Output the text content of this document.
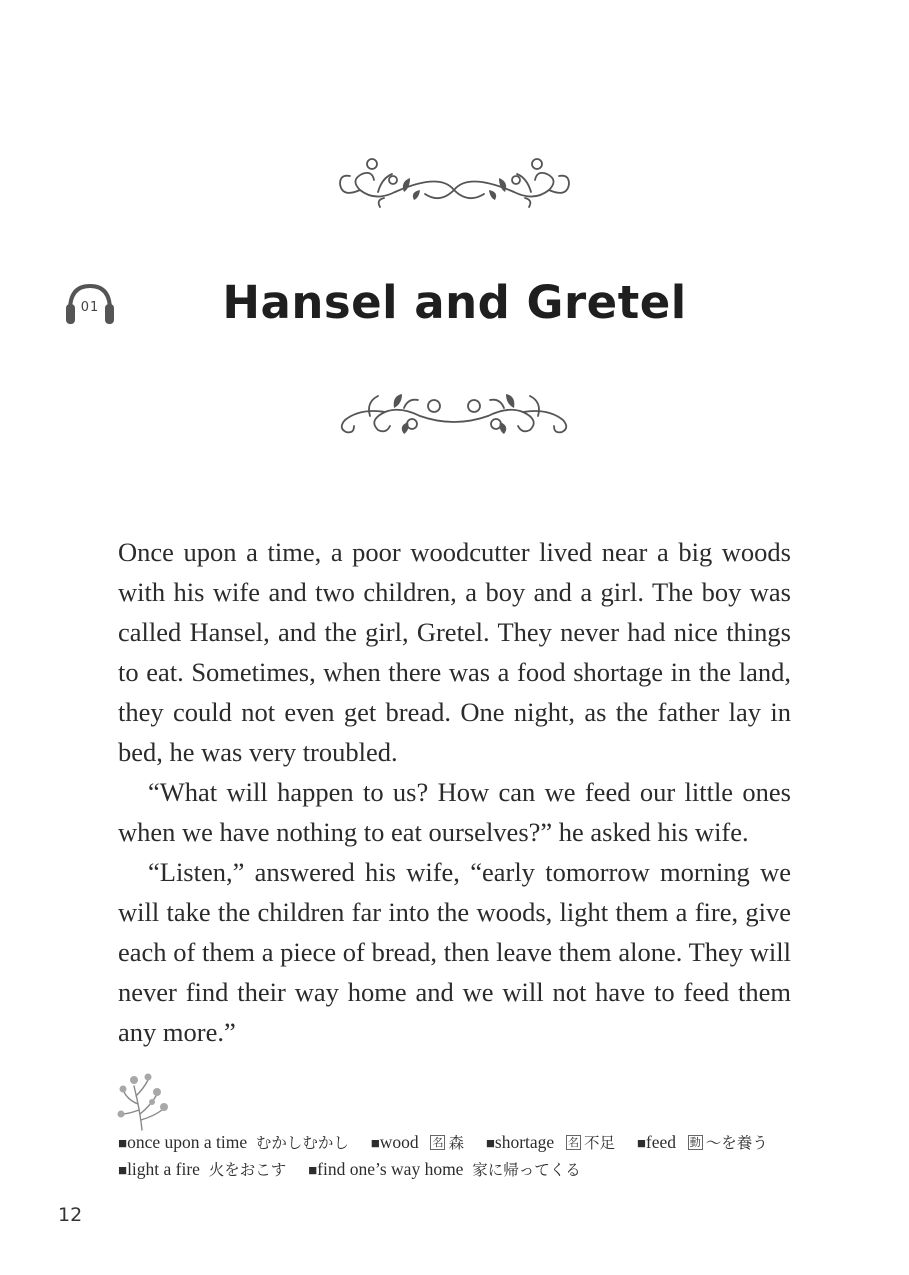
01	Hansel and Gretel

Once upon a time, a poor woodcutter lived near a big woods with his wife and two children, a boy and a girl. The boy was called Hansel, and the girl, Gretel. They never had nice things to eat. Sometimes, when there was a food shortage in the land, they could not even get bread. One night, as the father lay in bed, he was very troubled.

“What will happen to us? How can we feed our little ones when we have nothing to eat ourselves?” he asked his wife.

“Listen,” answered his wife, “early tomorrow morning we will take the children far into the woods, light them a fire, give each of them a piece of bread, then leave them alone. They will never find their way home and we will not have to feed them any more.”

■once upon a time  むかしむかし  ■wood  名 森  ■shortage  名 不足  ■feed  動 ～を養う  ■light a fire  火をおこす  ■find one’s way home  家に帰ってくる 
12
